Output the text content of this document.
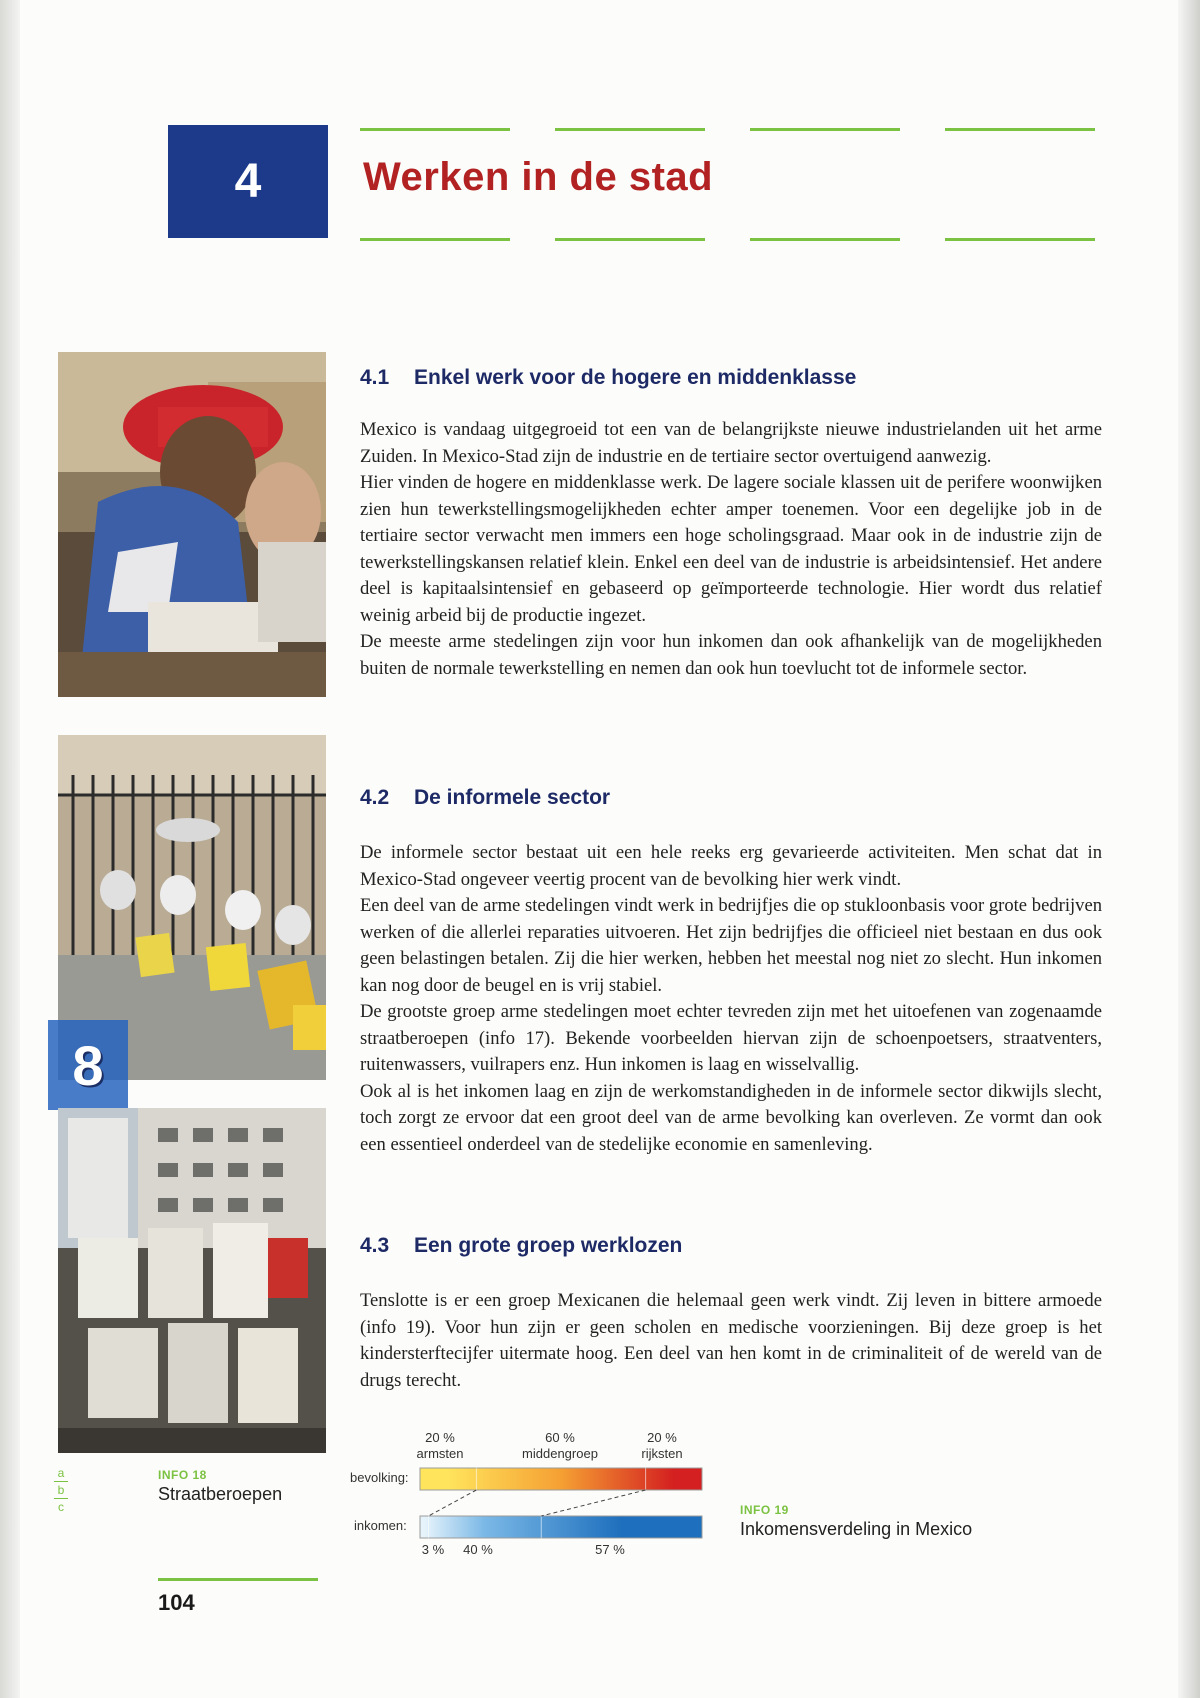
4	Werken in de stad
8
4.1 Enkel werk voor de hogere en middenklasse

Mexico is vandaag uitgegroeid tot een van de belangrijkste nieuwe industrielanden uit het arme Zuiden. In Mexico-Stad zijn de industrie en de tertiaire sector overtuigend aanwezig.

Hier vinden de hogere en middenklasse werk. De lagere sociale klassen uit de perifere woonwijken zien hun tewerkstellingsmogelijkheden echter amper toenemen. Voor een degelijke job in de tertiaire sector verwacht men immers een hoge scholingsgraad. Maar ook in de industrie zijn de tewerkstellingskansen relatief klein. Enkel een deel van de industrie is arbeidsintensief. Het andere deel is kapitaalsintensief en gebaseerd op geïmporteerde technologie. Hier wordt dus relatief weinig arbeid bij de productie ingezet.

De meeste arme stedelingen zijn voor hun inkomen dan ook afhankelijk van de mogelijkheden buiten de normale tewerkstelling en nemen dan ook hun toevlucht tot de informele sector.

4.2 De informele sector

De informele sector bestaat uit een hele reeks erg gevarieerde activiteiten. Men schat dat in Mexico-Stad ongeveer veertig procent van de bevolking hier werk vindt.

Een deel van de arme stedelingen vindt werk in bedrijfjes die op stukloonbasis voor grote bedrijven werken of die allerlei reparaties uitvoeren. Het zijn bedrijfjes die officieel niet bestaan en dus ook geen belastingen betalen. Zij die hier werken, hebben het meestal nog niet zo slecht. Hun inkomen kan nog door de beugel en is vrij stabiel.

De grootste groep arme stedelingen moet echter tevreden zijn met het uitoefenen van zogenaamde straatberoepen (info 17). Bekende voorbeelden hiervan zijn de schoenpoetsers, straatventers, ruitenwassers, vuilrapers enz. Hun inkomen is laag en wisselvallig.

Ook al is het inkomen laag en zijn de werkomstandigheden in de informele sector dikwijls slecht, toch zorgt ze ervoor dat een groot deel van de arme bevolking kan overleven. Ze vormt dan ook een essentieel onderdeel van de stedelijke economie en samenleving.

4.3 Een grote groep werklozen

Tenslotte is er een groep Mexicanen die helemaal geen werk vindt. Zij leven in bittere armoede (info 19). Voor hun zijn er geen scholen en medische voorzieningen. Bij deze groep is het kindersterftecijfer uitermate hoog. Een deel van hen komt in de criminaliteit of de wereld van de drugs terecht.

a
b
c
INFO 18
Straatberoepen
20 %
armsten
60 %
middengroep
20 %
rijksten
bevolking:
inkomen:
3 %	40 %	57 %
INFO 19
Inkomensverdeling in Mexico
104
